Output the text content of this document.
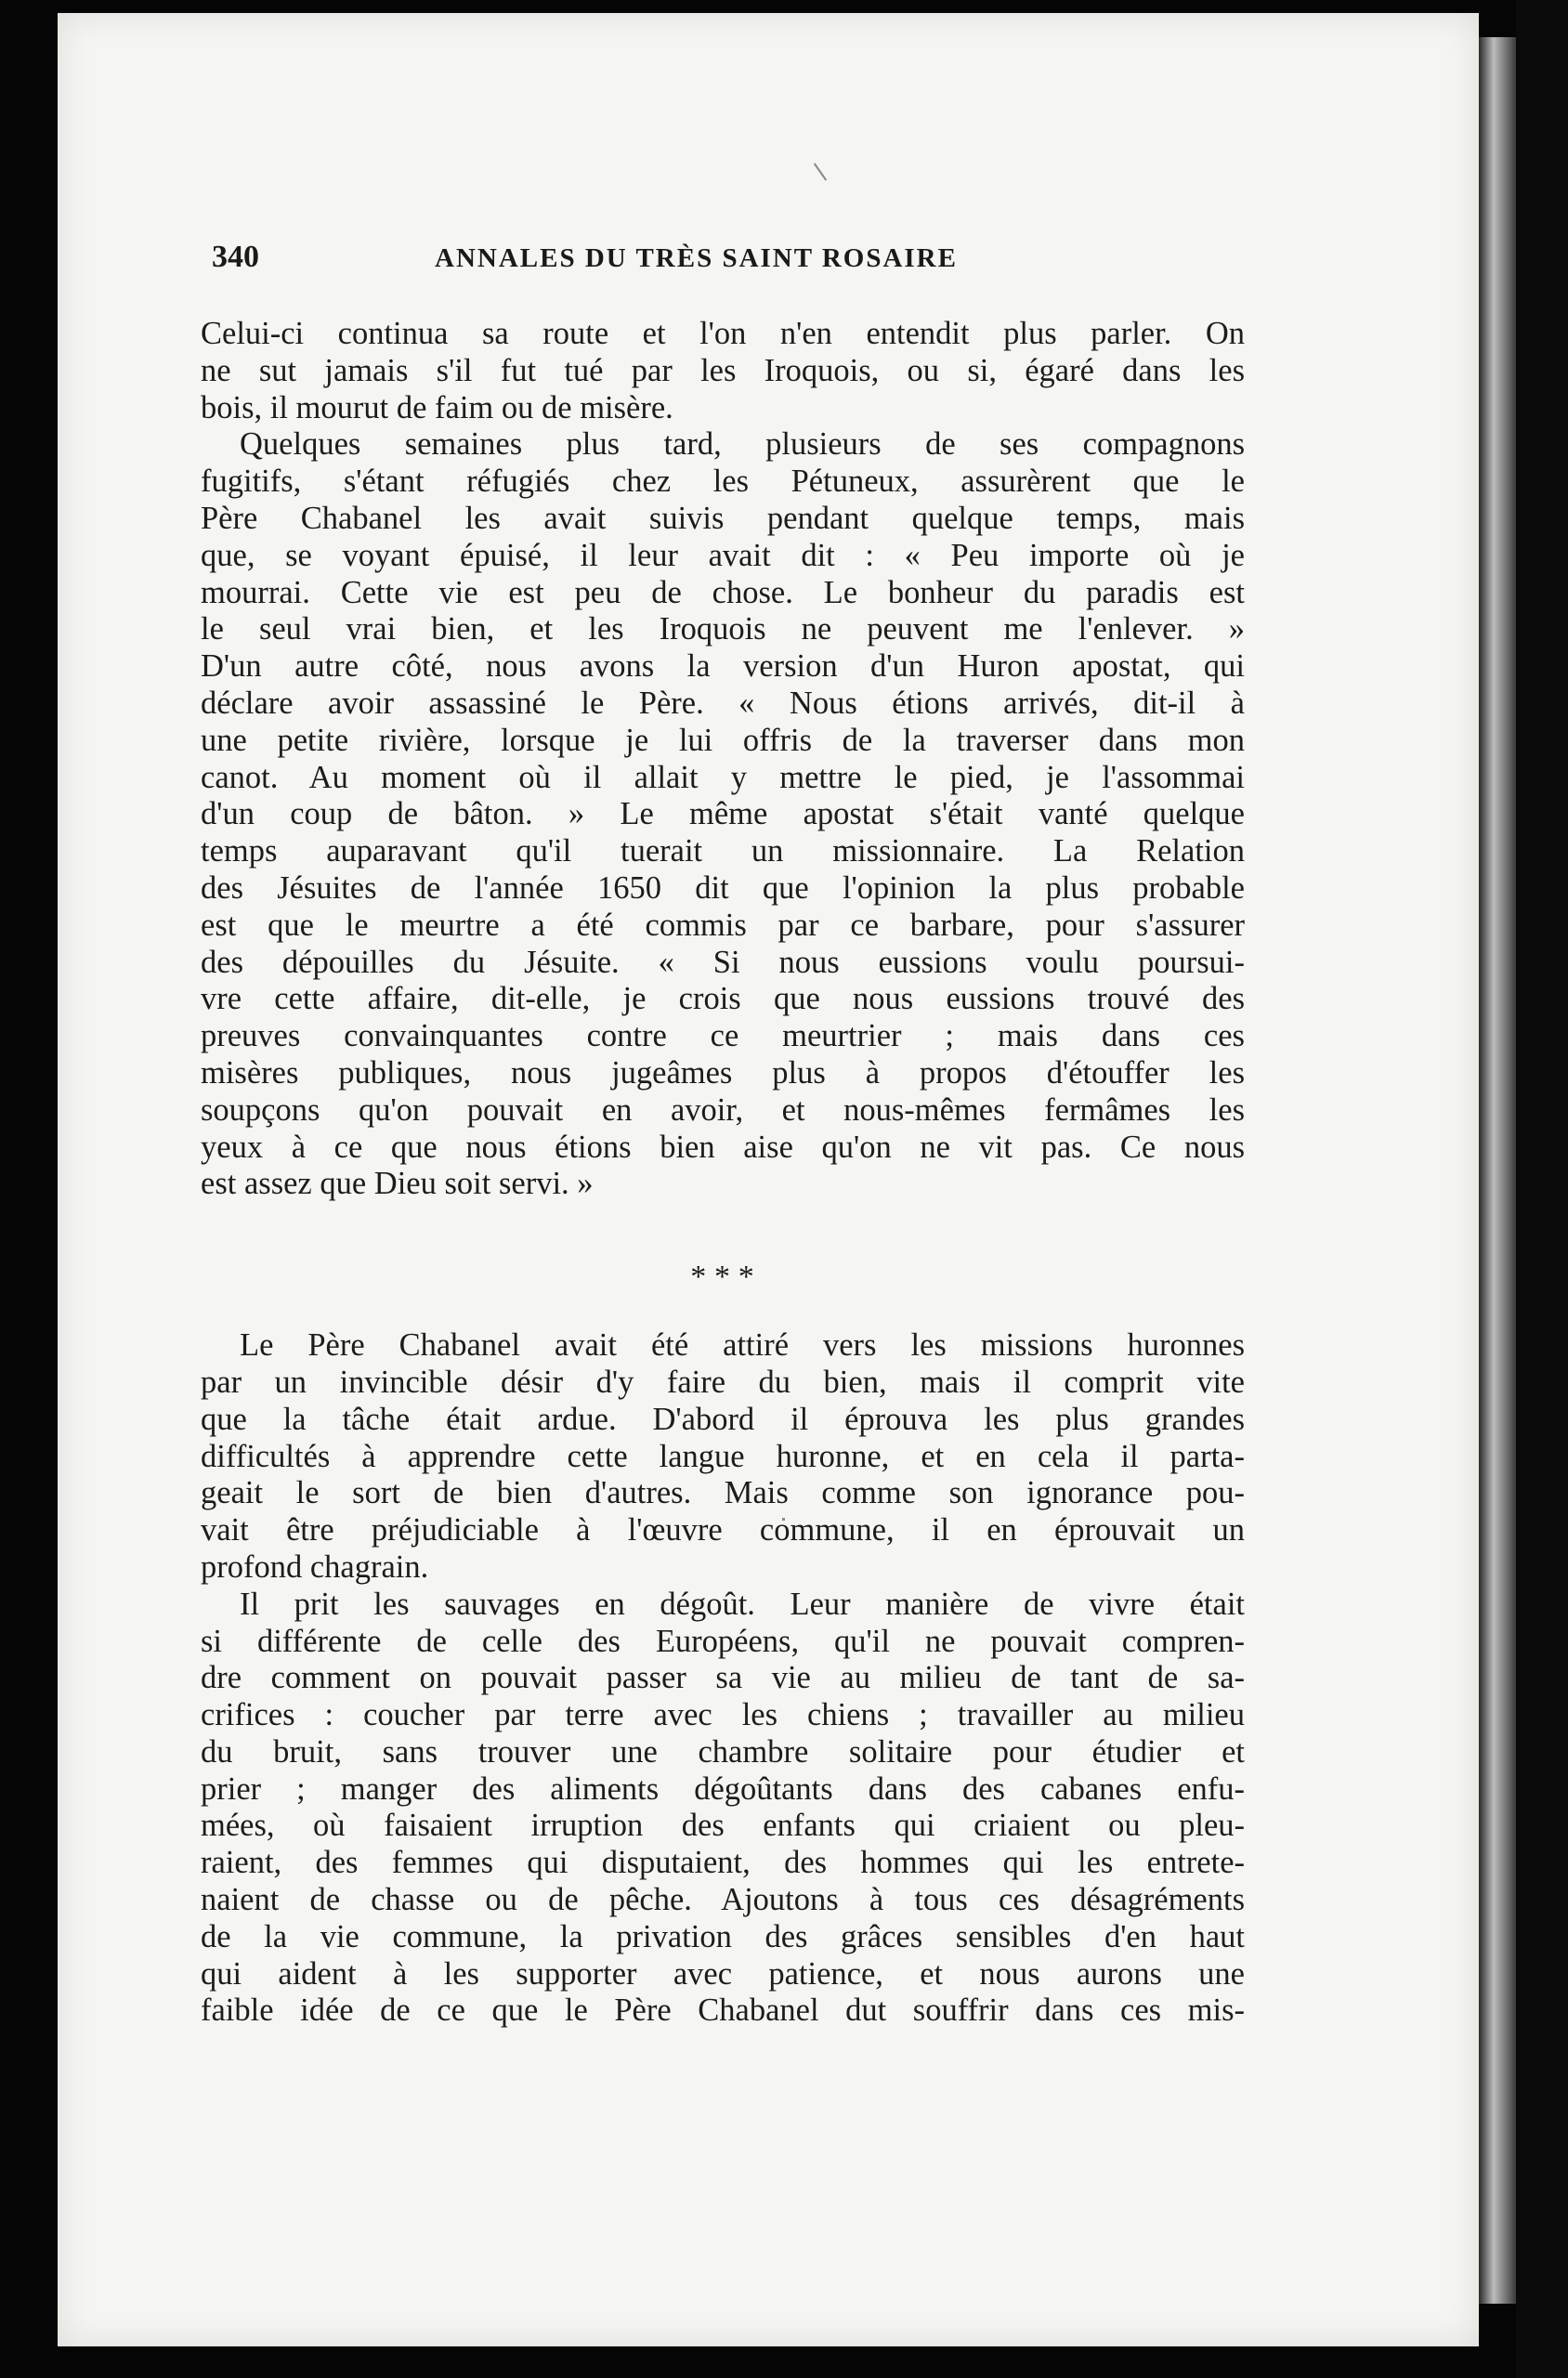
340	ANNALES DU TRÈS SAINT ROSAIRE
Celui-ci continua sa route et l'on n'en entendit plus parler. On
ne sut jamais s'il fut tué par les Iroquois, ou si, égaré dans les
bois, il mourut de faim ou de misère.
Quelques semaines plus tard, plusieurs de ses compagnons
fugitifs, s'étant réfugiés chez les Pétuneux, assurèrent que le
Père Chabanel les avait suivis pendant quelque temps, mais
que, se voyant épuisé, il leur avait dit : « Peu importe où je
mourrai. Cette vie est peu de chose. Le bonheur du paradis est
le seul vrai bien, et les Iroquois ne peuvent me l'enlever. »
D'un autre côté, nous avons la version d'un Huron apostat, qui
déclare avoir assassiné le Père. « Nous étions arrivés, dit-il à
une petite rivière, lorsque je lui offris de la traverser dans mon
canot. Au moment où il allait y mettre le pied, je l'assommai
d'un coup de bâton. » Le même apostat s'était vanté quelque
temps auparavant qu'il tuerait un missionnaire. La Relation
des Jésuites de l'année 1650 dit que l'opinion la plus probable
est que le meurtre a été commis par ce barbare, pour s'assurer
des dépouilles du Jésuite. « Si nous eussions voulu poursui-
vre cette affaire, dit-elle, je crois que nous eussions trouvé des
preuves convainquantes contre ce meurtrier ; mais dans ces
misères publiques, nous jugeâmes plus à propos d'étouffer les
soupçons qu'on pouvait en avoir, et nous-mêmes fermâmes les
yeux à ce que nous étions bien aise qu'on ne vit pas. Ce nous
est assez que Dieu soit servi. »
* * *
Le Père Chabanel avait été attiré vers les missions huronnes
par un invincible désir d'y faire du bien, mais il comprit vite
que la tâche était ardue. D'abord il éprouva les plus grandes
difficultés à apprendre cette langue huronne, et en cela il parta-
geait le sort de bien d'autres. Mais comme son ignorance pou-
vait être préjudiciable à l'œuvre commune, il en éprouvait un
profond chagrain.
Il prit les sauvages en dégoût. Leur manière de vivre était
si différente de celle des Européens, qu'il ne pouvait compren-
dre comment on pouvait passer sa vie au milieu de tant de sa-
crifices : coucher par terre avec les chiens ; travailler au milieu
du bruit, sans trouver une chambre solitaire pour étudier et
prier ; manger des aliments dégoûtants dans des cabanes enfu-
mées, où faisaient irruption des enfants qui criaient ou pleu-
raient, des femmes qui disputaient, des hommes qui les entrete-
naient de chasse ou de pêche. Ajoutons à tous ces désagréments
de la vie commune, la privation des grâces sensibles d'en haut
qui aident à les supporter avec patience, et nous aurons une
faible idée de ce que le Père Chabanel dut souffrir dans ces mis-
